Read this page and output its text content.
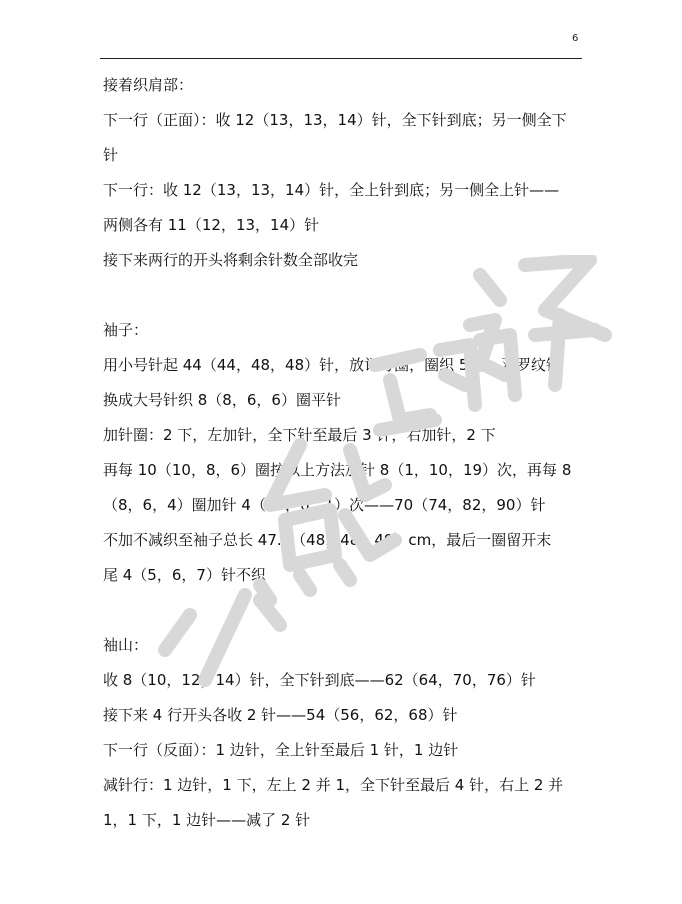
6
接着织肩部：
下一行（正面）：收 12（13，13，14）针，全下针到底；另一侧全下
针
下一行：收 12（13，13，14）针，全上针到底；另一侧全上针——
两侧各有 11（12，13，14）针
接下来两行的开头将剩余针数全部收完
袖子：
用小号针起 44（44，48，48）针，放记号圈，圈织 5 cm 双罗纹针
换成大号针织 8（8，6，6）圈平针
加针圈：2 下，左加针，全下针至最后 3 针，右加针，2 下
再每 10（10，8，6）圈按以上方法加针 8（1，10，19）次，再每 8
（8，6，4）圈加针 4（13，6，1）次——70（74，82，90）针
不加不减织至袖子总长 47.5（48，48，49）cm，最后一圈留开末
尾 4（5，6，7）针不织
袖山：
收 8（10，12，14）针，全下针到底——62（64，70，76）针
接下来 4 行开头各收 2 针——54（56，62，68）针
下一行（反面）：1 边针，全上针至最后 1 针，1 边针
减针行：1 边针，1 下，左上 2 并 1，全下针至最后 4 针，右上 2 并
1，1 下，1 边针——减了 2 针
